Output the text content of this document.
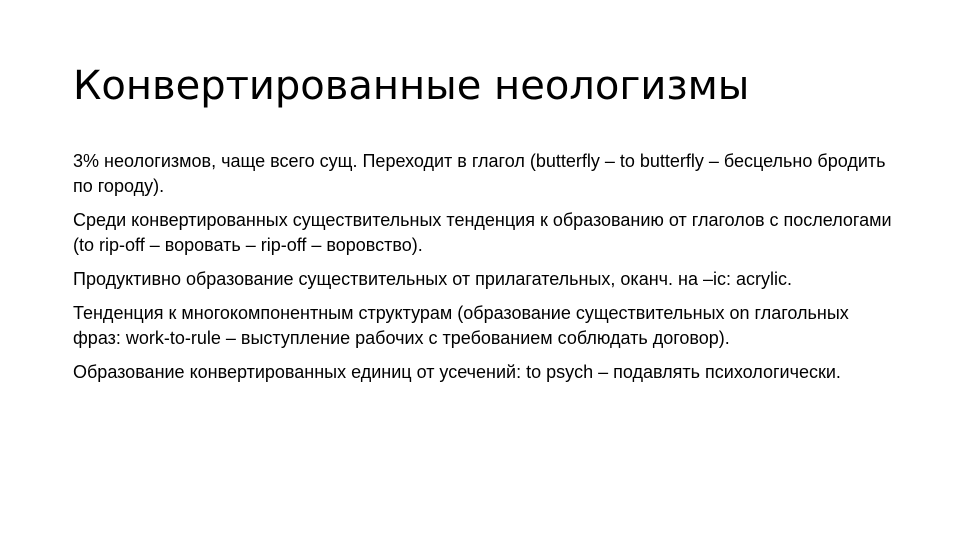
Конвертированные неологизмы
3% неологизмов, чаще всего сущ. Переходит в глагол (butterfly – to butterfly – бесцельно бродить по городу).
Среди конвертированных существительных тенденция к образованию от глаголов с послелогами (to rip-off – воровать – rip-off – воровство).
Продуктивно образование существительных от прилагательных, оканч. на –ic: acrylic.
Тенденция к многокомпонентным структурам (образование существительных on глагольных фраз: work-to-rule – выступление рабочих с требованием соблюдать договор).
Образование конвертированных единиц от усечений: to psych – подавлять психологически.
